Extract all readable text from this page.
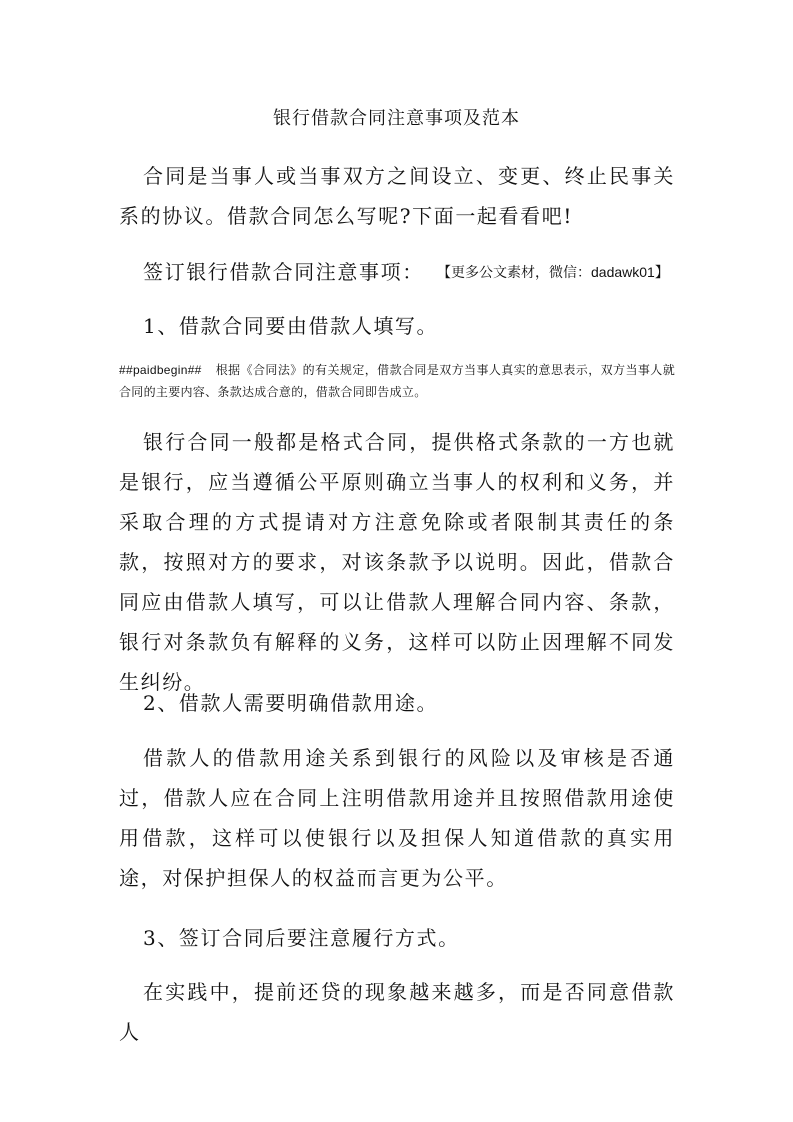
银行借款合同注意事项及范本

合同是当事人或当事双方之间设立、变更、终止民事关系的协议。借款合同怎么写呢?下面一起看看吧!

签订银行借款合同注意事项： 【更多公文素材，微信：dadawk01】
1、借款合同要由借款人填写。

##paidbegin## 根据《合同法》的有关规定，借款合同是双方当事人真实的意思表示，双方当事人就合同的主要内容、条款达成合意的，借款合同即告成立。

银行合同一般都是格式合同，提供格式条款的一方也就是银行，应当遵循公平原则确立当事人的权利和义务，并采取合理的方式提请对方注意免除或者限制其责任的条款，按照对方的要求，对该条款予以说明。因此，借款合同应由借款人填写，可以让借款人理解合同内容、条款，银行对条款负有解释的义务，这样可以防止因理解不同发生纠纷。

2、借款人需要明确借款用途。

借款人的借款用途关系到银行的风险以及审核是否通过，借款人应在合同上注明借款用途并且按照借款用途使用借款，这样可以使银行以及担保人知道借款的真实用途，对保护担保人的权益而言更为公平。

3、签订合同后要注意履行方式。

在实践中，提前还贷的现象越来越多，而是否同意借款人
